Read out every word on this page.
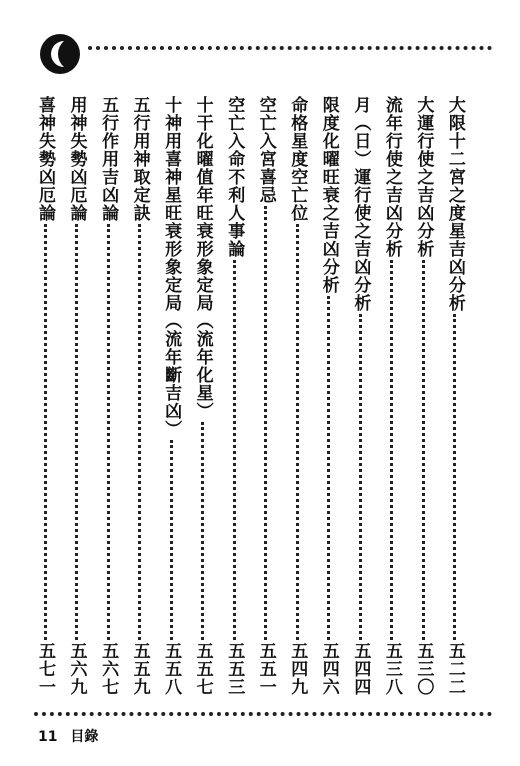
大限十二宮之度星吉凶分析
五二二
大運行使之吉凶分析
五三〇
流年行使之吉凶分析
五三八
月（日）運行使之吉凶分析
五四四
限度化曜旺衰之吉凶分析
五四六
命格星度空亡位
五四九
空亡入宮喜忌
五五一
空亡入命不利人事論
五五三
十干化曜值年旺衰形象定局（流年化星）
五五七
十神用喜神星旺衰形象定局（流年斷吉凶）
五五八
五行用神取定訣
五五九
五行作用吉凶論
五六七
用神失勢凶厄論
五六九
喜神失勢凶厄論
五七一
11 目錄
